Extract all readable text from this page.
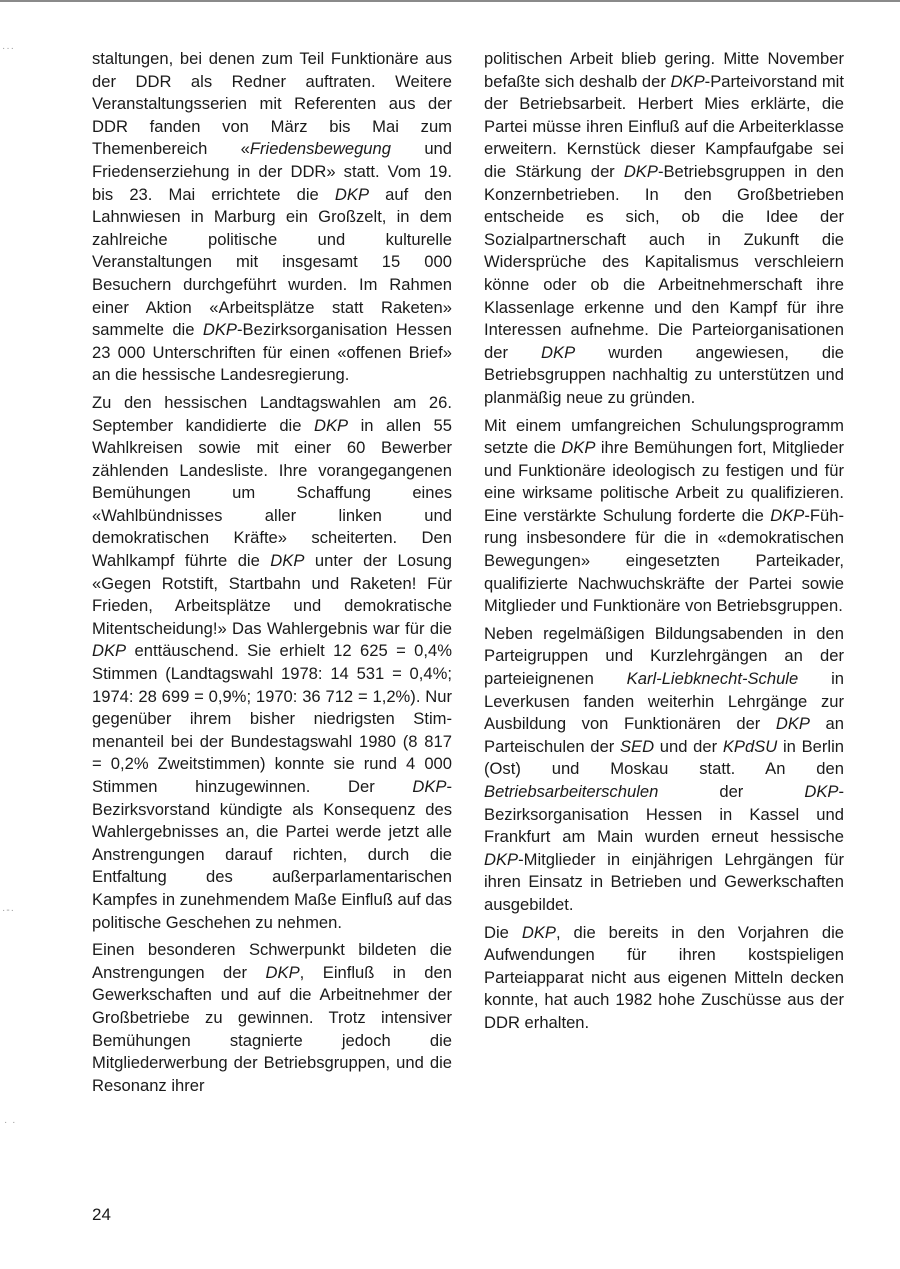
···
·-·
· ·

staltungen, bei denen zum Teil Funktionäre aus der DDR als Redner auftraten. Weitere Veranstaltungsserien mit Referenten aus der DDR fanden von März bis Mai zum Themenbereich «Friedensbewegung und Friedenserziehung in der DDR» statt. Vom 19. bis 23. Mai errichtete die DKP auf den Lahnwiesen in Marburg ein Großzelt, in dem zahlreiche politische und kulturelle Veranstaltungen mit insgesamt 15 000 Besuchern durchgeführt wurden. Im Rahmen einer Aktion «Arbeitsplätze statt Raketen» sammelte die DKP-Bezirksorganisation Hessen 23 000 Unterschriften für einen «offenen Brief» an die hessische Landesregierung.

Zu den hessischen Landtagswahlen am 26. September kandidierte die DKP in allen 55 Wahlkreisen sowie mit einer 60 Bewerber zählenden Landesliste. Ihre vorangegangenen Bemühungen um Schaffung eines «Wahlbündnisses aller linken und demokratischen Kräfte» scheiterten. Den Wahlkampf führte die DKP unter der Losung «Gegen Rotstift, Startbahn und Raketen! Für Frieden, Arbeitsplätze und demokratische Mitentscheidung!» Das Wahlergebnis war für die DKP enttäuschend. Sie erhielt 12 625 = 0,4% Stimmen (Landtagswahl 1978: 14 531 = 0,4%; 1974: 28 699 = 0,9%; 1970: 36 712 = 1,2%). Nur gegenüber ihrem bisher niedrigsten Stimmenanteil bei der Bundestagswahl 1980 (8 817 = 0,2% Zweitstimmen) konnte sie rund 4 000 Stimmen hinzugewinnen. Der DKP-Bezirksvorstand kündigte als Konsequenz des Wahlergebnisses an, die Partei werde jetzt alle Anstrengungen darauf richten, durch die Entfaltung des außerparlamentarischen Kampfes in zunehmendem Maße Einfluß auf das politische Geschehen zu nehmen.

Einen besonderen Schwerpunkt bildeten die Anstrengungen der DKP, Einfluß in den Gewerkschaften und auf die Arbeitnehmer der Großbetriebe zu gewinnen. Trotz intensiver Bemühungen stagnierte jedoch die Mitgliederwerbung der Betriebsgruppen, und die Resonanz ihrer

politischen Arbeit blieb gering. Mitte November befaßte sich deshalb der DKP-Parteivorstand mit der Betriebsarbeit. Herbert Mies erklärte, die Partei müsse ihren Einfluß auf die Arbeiterklasse erweitern. Kernstück dieser Kampfaufgabe sei die Stärkung der DKP-Betriebsgruppen in den Konzernbetrieben. In den Großbetrieben entscheide es sich, ob die Idee der Sozialpartnerschaft auch in Zukunft die Widersprüche des Kapitalismus verschleiern könne oder ob die Arbeitnehmerschaft ihre Klassenlage erkenne und den Kampf für ihre Interessen aufnehme. Die Parteiorganisationen der DKP wurden angewiesen, die Betriebsgruppen nachhaltig zu unterstützen und planmäßig neue zu gründen.

Mit einem umfangreichen Schulungsprogramm setzte die DKP ihre Bemühungen fort, Mitglieder und Funktionäre ideologisch zu festigen und für eine wirksame politische Arbeit zu qualifizieren. Eine verstärkte Schulung forderte die DKP-Führung insbesondere für die in «demokratischen Bewegungen» eingesetzten Parteikader, qualifizierte Nachwuchskräfte der Partei sowie Mitglieder und Funktionäre von Betriebsgruppen.

Neben regelmäßigen Bildungsabenden in den Parteigruppen und Kurzlehrgängen an der parteieignenen Karl-Liebknecht-Schule in Leverkusen fanden weiterhin Lehrgänge zur Ausbildung von Funktionären der DKP an Parteischulen der SED und der KPdSU in Berlin (Ost) und Moskau statt. An den Betriebsarbeiterschulen der DKP-Bezirksorganisation Hessen in Kassel und Frankfurt am Main wurden erneut hessische DKP-Mitglieder in einjährigen Lehrgängen für ihren Einsatz in Betrieben und Gewerkschaften ausgebildet.

Die DKP, die bereits in den Vorjahren die Aufwendungen für ihren kostspieligen Parteiapparat nicht aus eigenen Mitteln decken konnte, hat auch 1982 hohe Zuschüsse aus der DDR erhalten.

24
